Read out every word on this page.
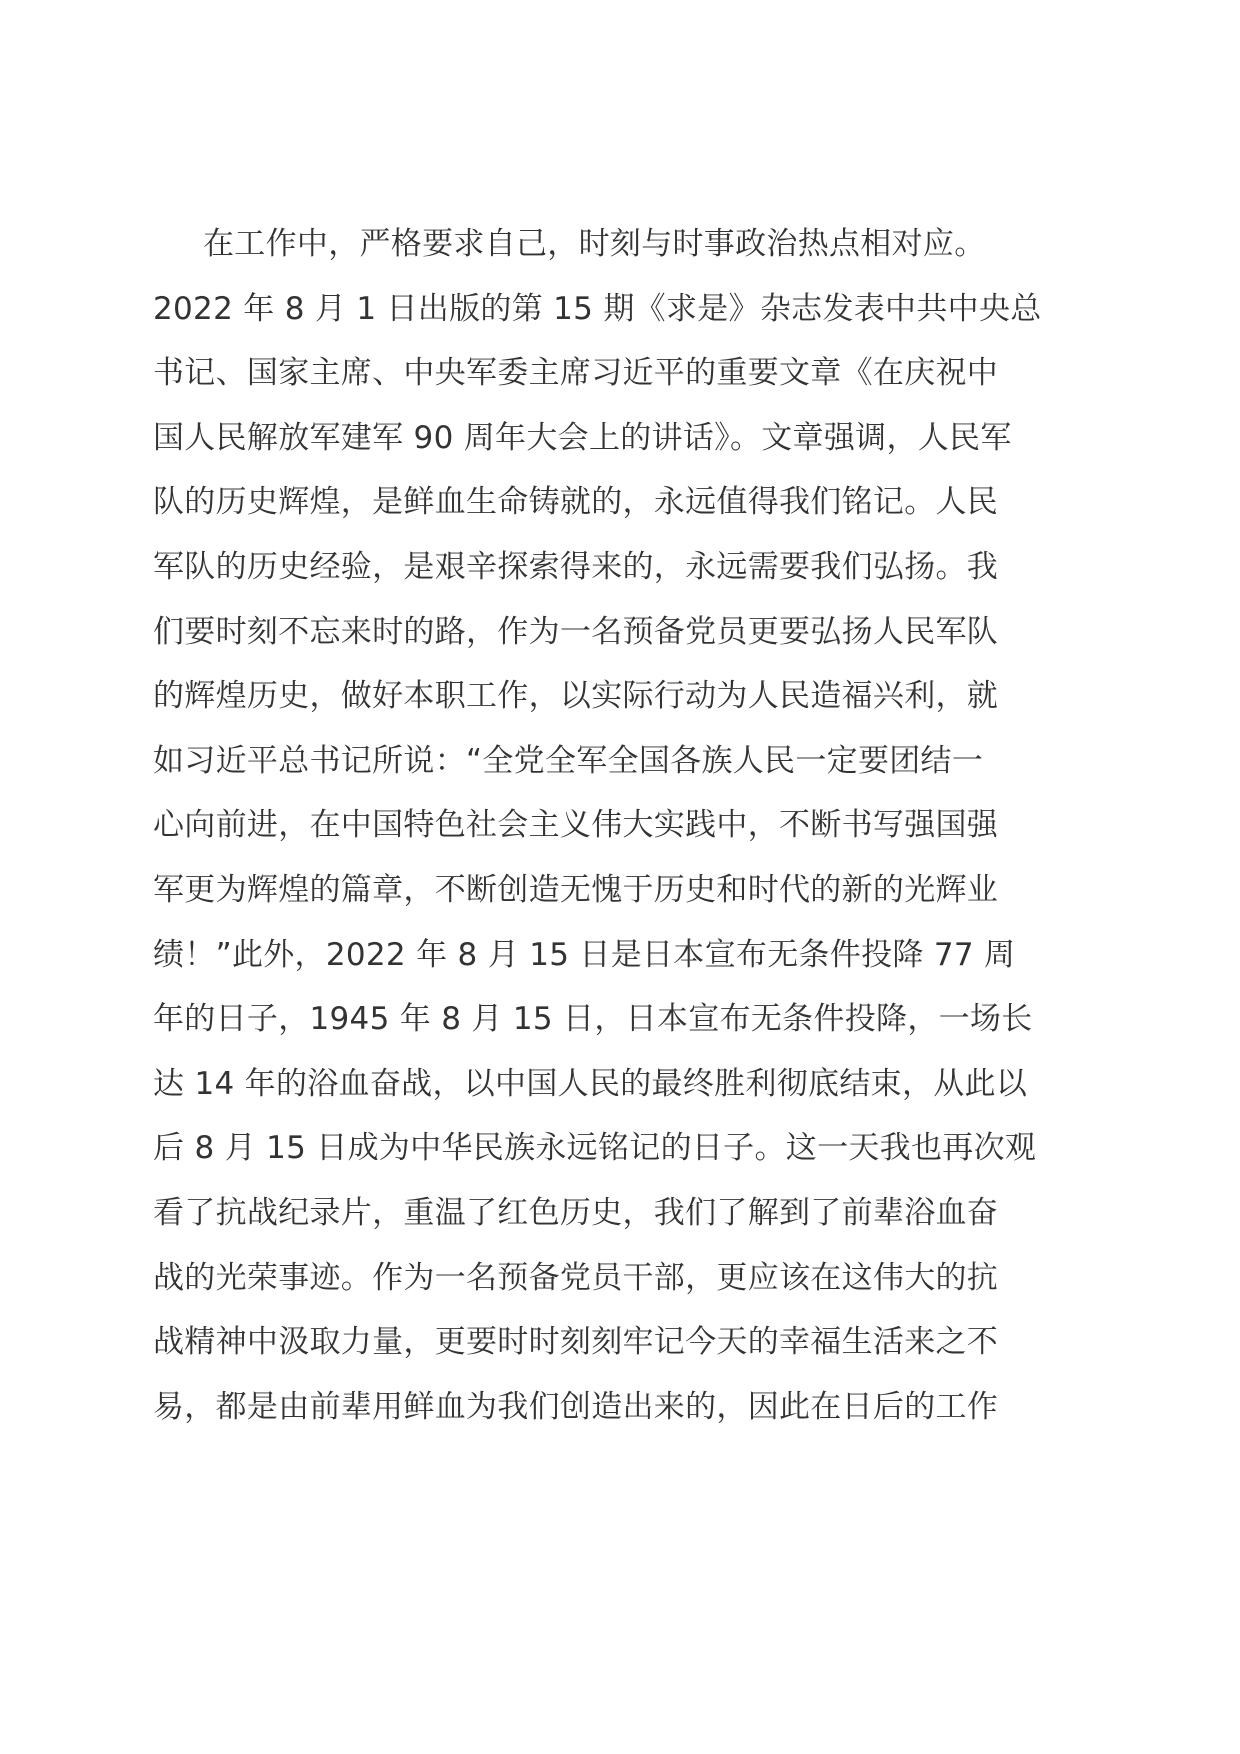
在工作中，严格要求自己，时刻与时事政治热点相对应。
2022 年 8 月 1 日出版的第 15 期《求是》杂志发表中共中央总
书记、国家主席、中央军委主席习近平的重要文章《在庆祝中
国人民解放军建军 90 周年大会上的讲话》。文章强调，人民军
队的历史辉煌，是鲜血生命铸就的，永远值得我们铭记。人民
军队的历史经验，是艰辛探索得来的，永远需要我们弘扬。我
们要时刻不忘来时的路，作为一名预备党员更要弘扬人民军队
的辉煌历史，做好本职工作，以实际行动为人民造福兴利，就
如习近平总书记所说：“全党全军全国各族人民一定要团结一
心向前进，在中国特色社会主义伟大实践中，不断书写强国强
军更为辉煌的篇章，不断创造无愧于历史和时代的新的光辉业
绩！”此外，2022 年 8 月 15 日是日本宣布无条件投降 77 周
年的日子，1945 年 8 月 15 日，日本宣布无条件投降，一场长
达 14 年的浴血奋战，以中国人民的最终胜利彻底结束，从此以
后 8 月 15 日成为中华民族永远铭记的日子。这一天我也再次观
看了抗战纪录片，重温了红色历史，我们了解到了前辈浴血奋
战的光荣事迹。作为一名预备党员干部，更应该在这伟大的抗
战精神中汲取力量，更要时时刻刻牢记今天的幸福生活来之不
易，都是由前辈用鲜血为我们创造出来的，因此在日后的工作
